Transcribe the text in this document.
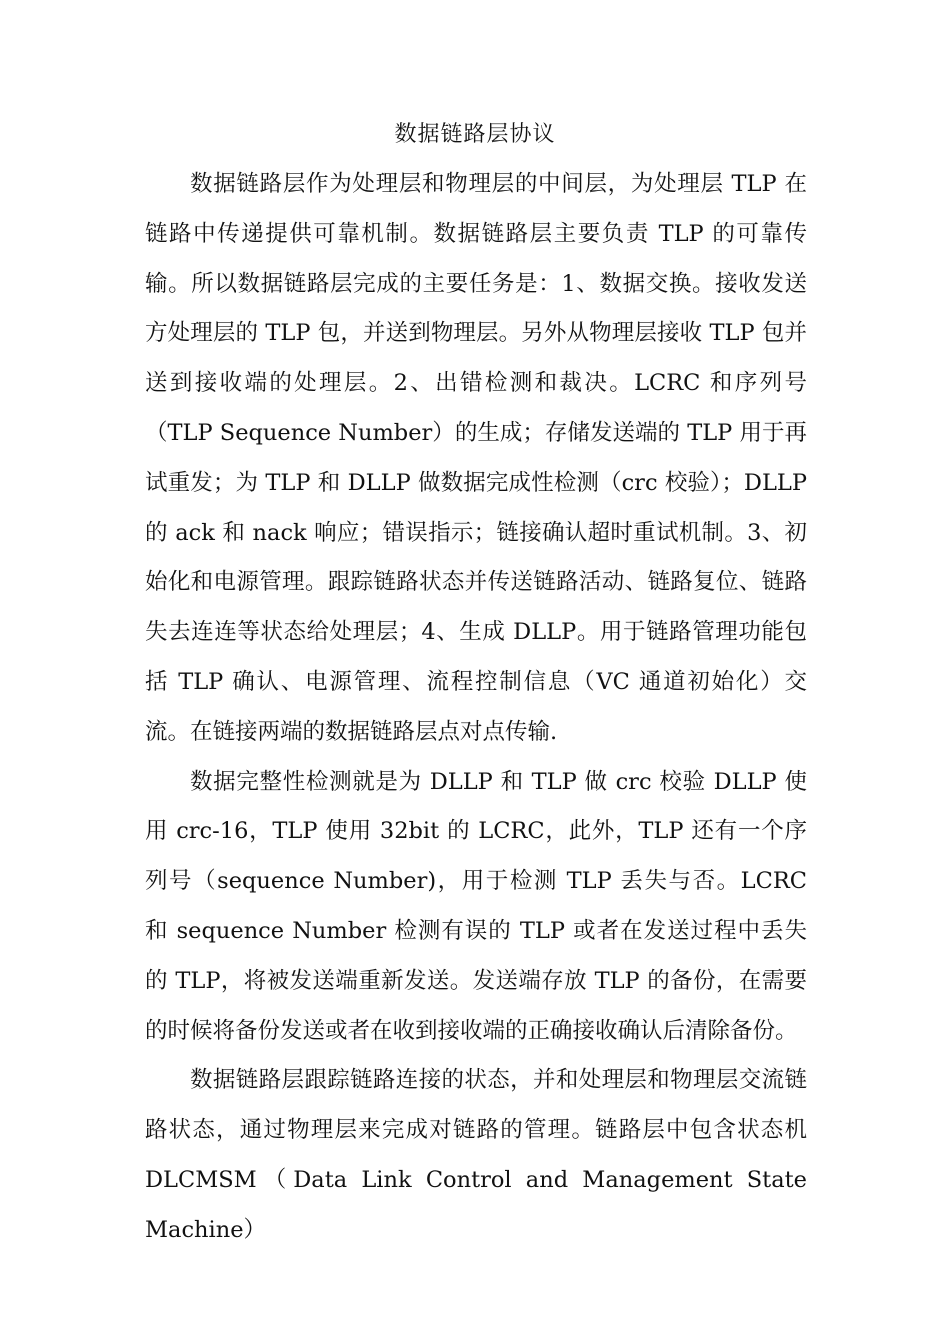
数据链路层协议

数据链路层作为处理层和物理层的中间层，为处理层 TLP 在链路中传递提供可靠机制。数据链路层主要负责 TLP 的可靠传输。所以数据链路层完成的主要任务是：1、数据交换。接收发送方处理层的 TLP 包，并送到物理层。另外从物理层接收 TLP 包并送到接收端的处理层。2、出错检测和裁决。LCRC 和序列号（TLP Sequence Number）的生成；存储发送端的 TLP 用于再试重发；为 TLP 和 DLLP 做数据完成性检测（crc 校验）；DLLP 的 ack 和 nack 响应；错误指示；链接确认超时重试机制。3、初始化和电源管理。跟踪链路状态并传送链路活动、链路复位、链路失去连连等状态给处理层；4、生成 DLLP。用于链路管理功能包括 TLP 确认、电源管理、流程控制信息（VC 通道初始化）交流。在链接两端的数据链路层点对点传输.

数据完整性检测就是为 DLLP 和 TLP 做 crc 校验 DLLP 使用 crc-16，TLP 使用 32bit 的 LCRC，此外，TLP 还有一个序列号（sequence Number)，用于检测 TLP 丢失与否。LCRC 和 sequence Number 检测有误的 TLP 或者在发送过程中丢失的 TLP，将被发送端重新发送。发送端存放 TLP 的备份，在需要的时候将备份发送或者在收到接收端的正确接收确认后清除备份。

数据链路层跟踪链路连接的状态，并和处理层和物理层交流链路状态，通过物理层来完成对链路的管理。链路层中包含状态机 DLCMSM（Data Link Control and Management State Machine）
